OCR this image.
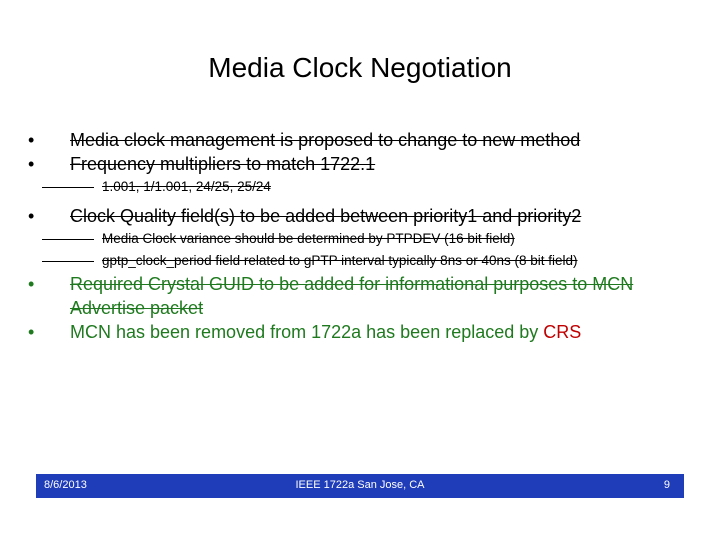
Media Clock Negotiation
• Media clock management is proposed to change to new method
• Frequency multipliers to match 1722.1
1.001, 1/1.001, 24/25, 25/24
• Clock Quality field(s) to be added between priority1 and priority2
Media Clock variance should be determined by PTPDEV (16 bit field)
gptp_clock_period field related to gPTP interval typically 8ns or 40ns (8 bit field)
• Required Crystal GUID to be added for informational purposes to MCN Advertise packet
• MCN has been removed from 1722a has been replaced by CRS
8/6/2013	IEEE 1722a San Jose, CA	9
